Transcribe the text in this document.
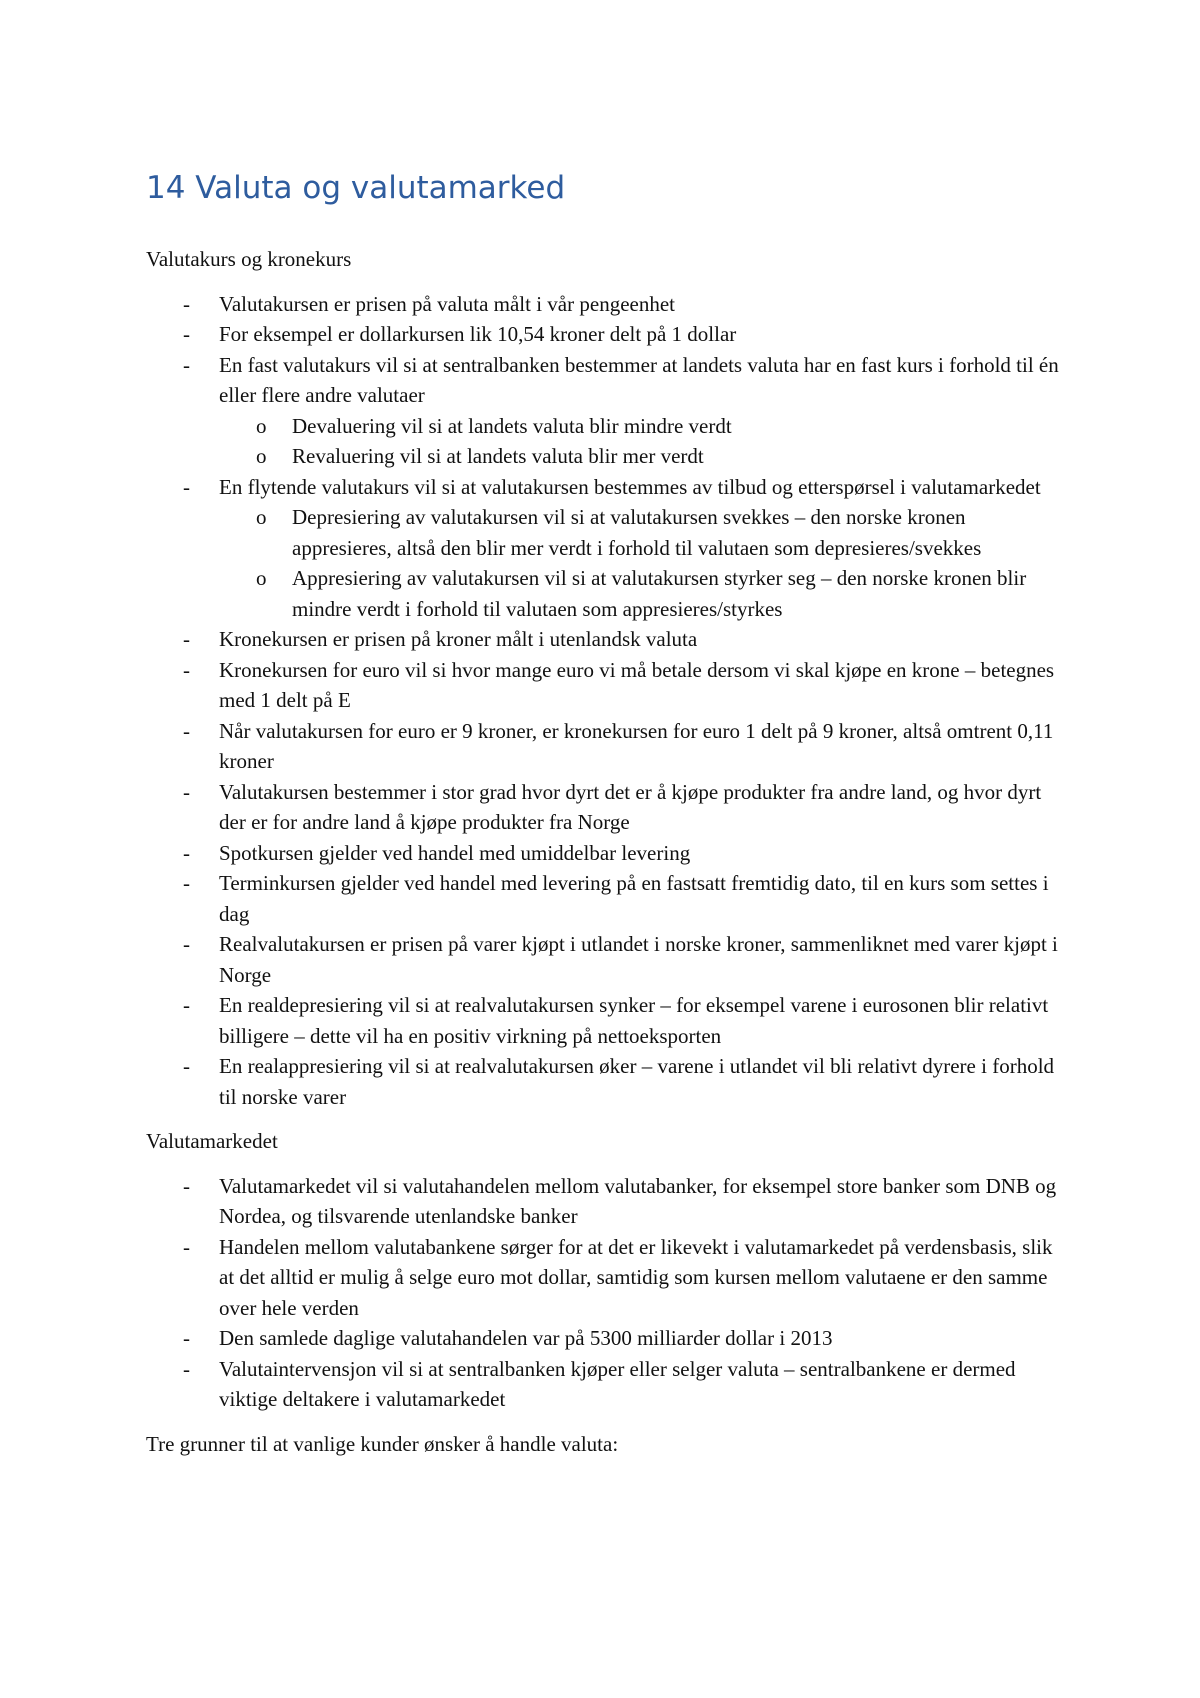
14 Valuta og valutamarked
Valutakurs og kronekurs
- Valutakursen er prisen på valuta målt i vår pengeenhet
- For eksempel er dollarkursen lik 10,54 kroner delt på 1 dollar
- En fast valutakurs vil si at sentralbanken bestemmer at landets valuta har en fast kurs i forhold til én eller flere andre valutaer
o Devaluering vil si at landets valuta blir mindre verdt
o Revaluering vil si at landets valuta blir mer verdt
- En flytende valutakurs vil si at valutakursen bestemmes av tilbud og etterspørsel i valutamarkedet
o Depresiering av valutakursen vil si at valutakursen svekkes – den norske kronen appresieres, altså den blir mer verdt i forhold til valutaen som depresieres/svekkes
o Appresiering av valutakursen vil si at valutakursen styrker seg – den norske kronen blir mindre verdt i forhold til valutaen som appresieres/styrkes
- Kronekursen er prisen på kroner målt i utenlandsk valuta
- Kronekursen for euro vil si hvor mange euro vi må betale dersom vi skal kjøpe en krone – betegnes med 1 delt på E
- Når valutakursen for euro er 9 kroner, er kronekursen for euro 1 delt på 9 kroner, altså omtrent 0,11 kroner
- Valutakursen bestemmer i stor grad hvor dyrt det er å kjøpe produkter fra andre land, og hvor dyrt der er for andre land å kjøpe produkter fra Norge
- Spotkursen gjelder ved handel med umiddelbar levering
- Terminkursen gjelder ved handel med levering på en fastsatt fremtidig dato, til en kurs som settes i dag
- Realvalutakursen er prisen på varer kjøpt i utlandet i norske kroner, sammenliknet med varer kjøpt i Norge
- En realdepresiering vil si at realvalutakursen synker – for eksempel varene i eurosonen blir relativt billigere – dette vil ha en positiv virkning på nettoeksporten
- En realappresiering vil si at realvalutakursen øker – varene i utlandet vil bli relativt dyrere i forhold til norske varer
Valutamarkedet
- Valutamarkedet vil si valutahandelen mellom valutabanker, for eksempel store banker som DNB og Nordea, og tilsvarende utenlandske banker
- Handelen mellom valutabankene sørger for at det er likevekt i valutamarkedet på verdensbasis, slik at det alltid er mulig å selge euro mot dollar, samtidig som kursen mellom valutaene er den samme over hele verden
- Den samlede daglige valutahandelen var på 5300 milliarder dollar i 2013
- Valutaintervensjon vil si at sentralbanken kjøper eller selger valuta – sentralbankene er dermed viktige deltakere i valutamarkedet
Tre grunner til at vanlige kunder ønsker å handle valuta:
